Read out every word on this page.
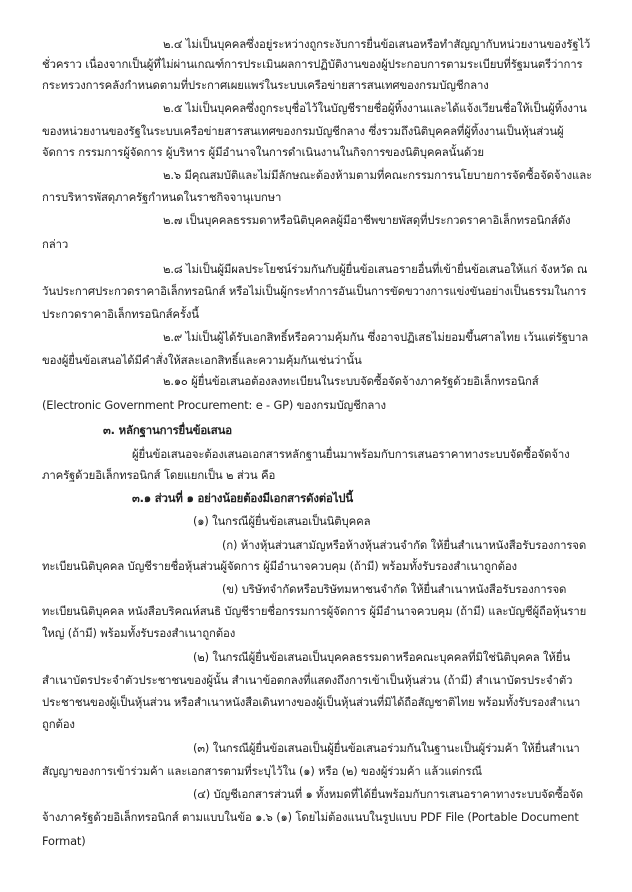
๒.๔ ไม่เป็นบุคคลซึ่งอยู่ระหว่างถูกระงับการยื่นข้อเสนอหรือทำสัญญากับหน่วยงานของรัฐไว้
ชั่วคราว เนื่องจากเป็นผู้ที่ไม่ผ่านเกณฑ์การประเมินผลการปฏิบัติงานของผู้ประกอบการตามระเบียบที่รัฐมนตรีว่าการ
กระทรวงการคลังกำหนดตามที่ประกาศเผยแพร่ในระบบเครือข่ายสารสนเทศของกรมบัญชีกลาง
๒.๕ ไม่เป็นบุคคลซึ่งถูกระบุชื่อไว้ในบัญชีรายชื่อผู้ทิ้งงานและได้แจ้งเวียนชื่อให้เป็นผู้ทิ้งงาน
ของหน่วยงานของรัฐในระบบเครือข่ายสารสนเทศของกรมบัญชีกลาง ซึ่งรวมถึงนิติบุคคลที่ผู้ทิ้งงานเป็นหุ้นส่วนผู้
จัดการ กรรมการผู้จัดการ ผู้บริหาร ผู้มีอำนาจในการดำเนินงานในกิจการของนิติบุคคลนั้นด้วย
๒.๖ มีคุณสมบัติและไม่มีลักษณะต้องห้ามตามที่คณะกรรมการนโยบายการจัดซื้อจัดจ้างและ
การบริหารพัสดุภาครัฐกำหนดในราชกิจจานุเบกษา
๒.๗ เป็นบุคคลธรรมดาหรือนิติบุคคลผู้มีอาชีพขายพัสดุที่ประกวดราคาอิเล็กทรอนิกส์ดัง
กล่าว
๒.๘ ไม่เป็นผู้มีผลประโยชน์ร่วมกันกับผู้ยื่นข้อเสนอรายอื่นที่เข้ายื่นข้อเสนอให้แก่ จังหวัด ณ
วันประกาศประกวดราคาอิเล็กทรอนิกส์ หรือไม่เป็นผู้กระทำการอันเป็นการขัดขวางการแข่งขันอย่างเป็นธรรมในการ
ประกวดราคาอิเล็กทรอนิกส์ครั้งนี้
๒.๙ ไม่เป็นผู้ได้รับเอกสิทธิ์หรือความคุ้มกัน ซึ่งอาจปฏิเสธไม่ยอมขึ้นศาลไทย เว้นแต่รัฐบาล
ของผู้ยื่นข้อเสนอได้มีคำสั่งให้สละเอกสิทธิ์และความคุ้มกันเช่นว่านั้น
๒.๑๐ ผู้ยื่นข้อเสนอต้องลงทะเบียนในระบบจัดซื้อจัดจ้างภาครัฐด้วยอิเล็กทรอนิกส์
(Electronic Government Procurement: e - GP) ของกรมบัญชีกลาง
๓. หลักฐานการยื่นข้อเสนอ
ผู้ยื่นข้อเสนอจะต้องเสนอเอกสารหลักฐานยื่นมาพร้อมกับการเสนอราคาทางระบบจัดซื้อจัดจ้าง
ภาครัฐด้วยอิเล็กทรอนิกส์ โดยแยกเป็น ๒ ส่วน คือ
๓.๑ ส่วนที่ ๑ อย่างน้อยต้องมีเอกสารดังต่อไปนี้
(๑) ในกรณีผู้ยื่นข้อเสนอเป็นนิติบุคคล
(ก) ห้างหุ้นส่วนสามัญหรือห้างหุ้นส่วนจำกัด ให้ยื่นสำเนาหนังสือรับรองการจด
ทะเบียนนิติบุคคล บัญชีรายชื่อหุ้นส่วนผู้จัดการ ผู้มีอำนาจควบคุม (ถ้ามี) พร้อมทั้งรับรองสำเนาถูกต้อง
(ข) บริษัทจำกัดหรือบริษัทมหาชนจำกัด ให้ยื่นสำเนาหนังสือรับรองการจด
ทะเบียนนิติบุคคล หนังสือบริคณห์สนธิ บัญชีรายชื่อกรรมการผู้จัดการ ผู้มีอำนาจควบคุม (ถ้ามี) และบัญชีผู้ถือหุ้นราย
ใหญ่ (ถ้ามี) พร้อมทั้งรับรองสำเนาถูกต้อง
(๒) ในกรณีผู้ยื่นข้อเสนอเป็นบุคคลธรรมดาหรือคณะบุคคลที่มิใช่นิติบุคคล ให้ยื่น
สำเนาบัตรประจำตัวประชาชนของผู้นั้น สำเนาข้อตกลงที่แสดงถึงการเข้าเป็นหุ้นส่วน (ถ้ามี) สำเนาบัตรประจำตัว
ประชาชนของผู้เป็นหุ้นส่วน หรือสำเนาหนังสือเดินทางของผู้เป็นหุ้นส่วนที่มิได้ถือสัญชาติไทย พร้อมทั้งรับรองสำเนา
ถูกต้อง
(๓) ในกรณีผู้ยื่นข้อเสนอเป็นผู้ยื่นข้อเสนอร่วมกันในฐานะเป็นผู้ร่วมค้า ให้ยื่นสำเนา
สัญญาของการเข้าร่วมค้า และเอกสารตามที่ระบุไว้ใน (๑) หรือ (๒) ของผู้ร่วมค้า แล้วแต่กรณี
(๔) บัญชีเอกสารส่วนที่ ๑ ทั้งหมดที่ได้ยื่นพร้อมกับการเสนอราคาทางระบบจัดซื้อจัด
จ้างภาครัฐด้วยอิเล็กทรอนิกส์ ตามแบบในข้อ ๑.๖ (๑) โดยไม่ต้องแนบในรูปแบบ PDF File (Portable Document
Format)
